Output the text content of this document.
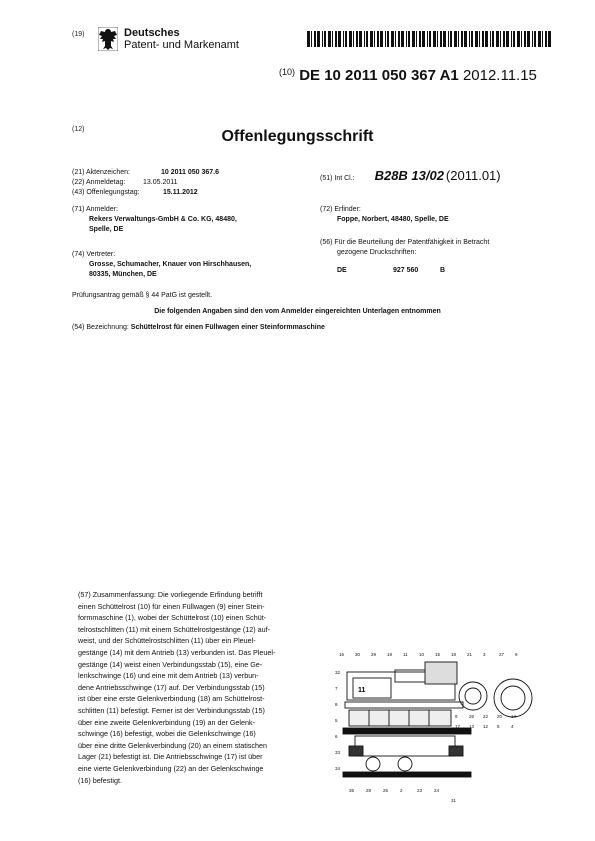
(19)	Deutsches
Patent- und Markenamt
$^{(10)}$ DE 10 2011 050 367 A1 2012.11.15
(12)	Offenlegungsschrift
(21) Aktenzeichen:	10 2011 050 367.6
(22) Anmeldetag:	13.05.2011
(43) Offenlegungstag:	15.11.2012
(51) Int Cl.: B28B 13/02 (2011.01)
(71) Anmelder:
Rekers Verwaltungs-GmbH & Co. KG, 48480,
Spelle, DE
(72) Erfinder:
Foppe, Norbert, 48480, Spelle, DE
(74) Vertreter:
Grosse, Schumacher, Knauer von Hirschhausen,
80335, München, DE
(56) Für die Beurteilung der Patentfähigkeit in Betracht
gezogene Druckschriften:
DE	927 560	B
Prüfungsantrag gemäß § 44 PatG ist gestellt.
Die folgenden Angaben sind den vom Anmelder eingereichten Unterlagen entnommen
(54) Bezeichnung: Schüttelrost für einen Füllwagen einer Steinformmaschine
(57) Zusammenfassung: Die vorliegende Erfindung betrifft
einen Schüttelrost (10) für einen Füllwagen (9) einer Stein-
formmaschine (1), wobei der Schüttelrost (10) einen Schüt-
telrostschlitten (11) mit einem Schüttelrostgestänge (12) auf-
weist, und der Schüttelrostschlitten (11) über ein Pleuel-
gestänge (14) mit dem Antrieb (13) verbunden ist. Das Pleuel-
gestänge (14) weist einen Verbindungsstab (15), eine Ge-
lenkschwinge (16) und eine mit dem Antrieb (13) verbun-
dene Antriebsschwinge (17) auf. Der Verbindungsstab (15)
ist über eine erste Gelenkverbindung (18) am Schüttelrost-
schlitten (11) befestigt. Ferner ist der Verbindungsstab (15)
über eine zweite Gelenkverbindung (19) an der Gelenk-
schwinge (16) befestigt, wobei die Gelenkschwinge (16)
über eine dritte Gelenkverbindung (20) an einem statischen
Lager (21) befestigt ist. Die Antriebsschwinge (17) ist über
eine vierte Gelenkverbindung (22) an der Gelenkschwinge
(16) befestigt.
11
16 30 29 19 11	10 15 18 21 3	27 9
8	26 22 20 14
17 13 12 5	4
32
7
8
5
6
33
34
35	28	25	2	23	24
31
